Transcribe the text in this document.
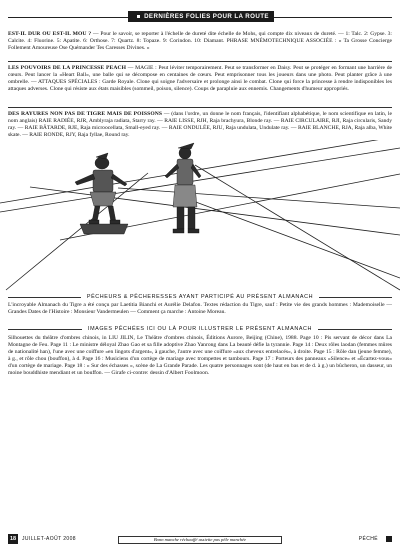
DERNIÈRES FOLIES POUR LA ROUTE
EST-IL DUR OU EST-IL MOU ? — Pour le savoir, se reporter à l'échelle de dureté dite échelle de Mohs, qui compte dix niveaux de dureté. — 1: Talc. 2: Gypse. 3: Calcite. 4: Fluorine. 5: Apatite. 6: Orthose. 7: Quartz. 8: Topaze. 9: Corindon. 10: Diamant. PHRASE MNÉMOTECHNIQUE ASSOCIÉE : « Ta Grosse Concierge Follement Amoureuse Ose Quémander Tes Caresses Divines. »
LES POUVOIRS DE LA PRINCESSE PEACH — MAGIE : Peut léviter temporairement. Peut se transformer en Daisy. Peut se protéger en formant une barrière de cœurs. Peut lancer la «Heart Ball», une balle qui se décompose en centaines de cœurs. Peut emprisonner tous les joueurs dans une photo. Peut planter grâce à une ombrelle. — ATTAQUES SPÉCIALES : Garde Royale. Clone qui soigne l'adversaire et prolonge ainsi le combat. Clone qui force la princesse à rendre indisponibles les attaques adverses. Clone qui résiste aux états maisibles (sommeil, poison, silence). Coups de parapluie aux ennemis. Changements d'humeur appropriés.
DES RAYURES NON PAS DE TIGRE MAIS DE POISSONS — (dans l'ordre, un donne le nom français, l'identifiant alphabétique, le nom scientifique en latin, le nom anglais) RAIE RADIÉE, RJR, Amblyraja radiata, Starry ray. — RAIE LISSE, RJH, Raja brachyura, Blonde ray. — RAIE CIRCULAIRE, RJI, Raja circularis, Sandy ray. — RAIE BÂTARDE, RJE, Raja microocellata, Small-eyed ray. — RAIE ONDULÉE, RJU, Raja undulata, Undulate ray. — RAIE BLANCHE, RJA, Raja alba, White skate. — RAIE RONDE, RJY, Raja fyllae, Round ray.
PÊCHEURS & PÊCHERESSES AYANT PARTICIPÉ AU PRÉSENT ALMANACH
L'incroyable Almanach du Tigre a été conçu par Laetitia Bianchi et Aurélie Delafon. Textes rédaction du Tigre, sauf : Petite vie des grands hommes : Mademoiselle — Grandes Dates de l'Histoire : Monsieur Vandermeulen — Comment ça marche : Antoine Moreau.
IMAGES PÊCHÉES ICI OU LÀ POUR ILLUSTRER LE PRÉSENT ALMANACH
Silhouettes du théâtre d'ombres chinois, in LIU JILIN, Le Théâtre d'ombres chinois, Éditions Aurore, Beijing (Chine), 1988. Page 10 : Pis servant de décor dans La Montagne de Feu. Page 11 : Le ministre déloyal Zhao Gao et sa fille adoptive Zhao Yanrong dans La beauté défie la tyrannie. Page 14 : Deux rôles laodan (femmes mûres de nationalité han), l'une avec une coiffure «en lingots d'argent», à gauche, l'autre avec une coiffure «aux cheveux entrelacés», à droite. Page 15 : Rôle dan (jeune femme), à g., et rôle chou (bouffon), à d. Page 16 : Musiciens d'un cortège de mariage avec trompettes et tambours. Page 17 : Porteurs des panneaux «Silence» et «Écartez-vous» d'un cortège de mariage. Page 18 : « Sur des échasses », scène de La Grande Parade. Les quatre personnages sont (de haut en bas et de d. à g.) un bûcheron, un dasseur, un moine bouddhiste mendiant et un bouffon. — Girafe ci-contre: dessin d'Albert Foolmoon.
18	JUILLET-AOÛT 2008	Bonn manche réchauffé assiette pas pêle manchée	PÉCHÉ
